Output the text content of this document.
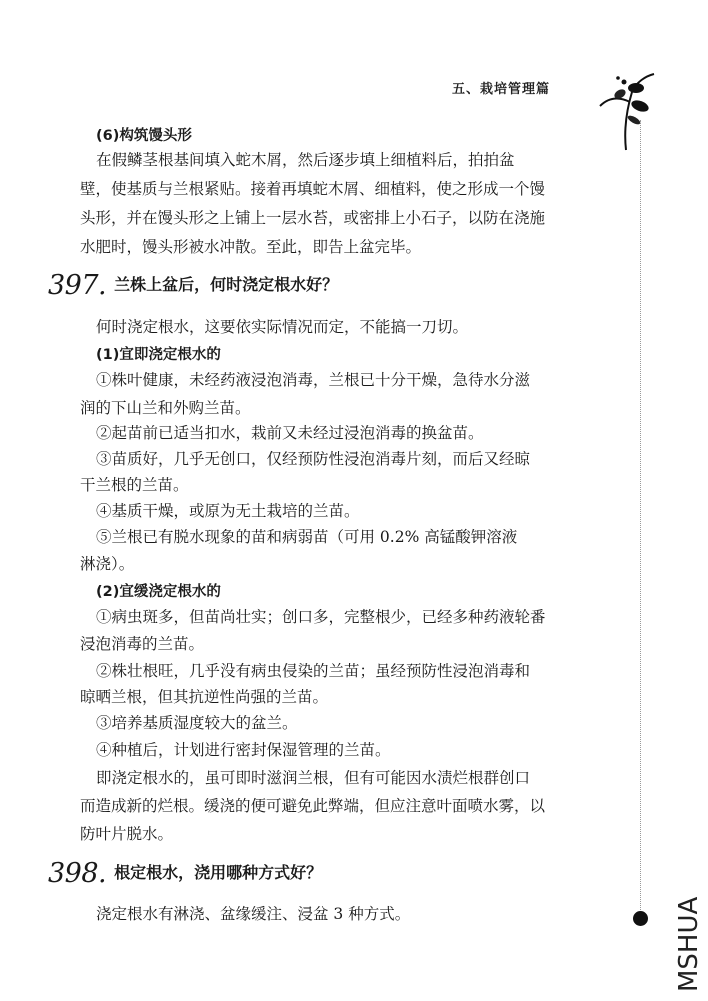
五、栽培管理篇
MSHUA
(6)构筑馒头形
在假鳞茎根基间填入蛇木屑，然后逐步填上细植料后，拍拍盆
壁，使基质与兰根紧贴。接着再填蛇木屑、细植料，使之形成一个馒
头形，并在馒头形之上铺上一层水苔，或密排上小石子，以防在浇施
水肥时，馒头形被水冲散。至此，即告上盆完毕。
397. 兰株上盆后，何时浇定根水好？
何时浇定根水，这要依实际情况而定，不能搞一刀切。
(1)宜即浇定根水的
①株叶健康，未经药液浸泡消毒，兰根已十分干燥，急待水分滋
润的下山兰和外购兰苗。
②起苗前已适当扣水，栽前又未经过浸泡消毒的换盆苗。
③苗质好，几乎无创口，仅经预防性浸泡消毒片刻，而后又经晾
干兰根的兰苗。
④基质干燥，或原为无土栽培的兰苗。
⑤兰根已有脱水现象的苗和病弱苗（可用 0.2% 高锰酸钾溶液
淋浇）。
(2)宜缓浇定根水的
①病虫斑多，但苗尚壮实；创口多，完整根少，已经多种药液轮番
浸泡消毒的兰苗。
②株壮根旺，几乎没有病虫侵染的兰苗；虽经预防性浸泡消毒和
晾晒兰根，但其抗逆性尚强的兰苗。
③培养基质湿度较大的盆兰。
④种植后，计划进行密封保湿管理的兰苗。
即浇定根水的，虽可即时滋润兰根，但有可能因水渍烂根群创口
而造成新的烂根。缓浇的便可避免此弊端，但应注意叶面喷水雾，以
防叶片脱水。
398. 根定根水，浇用哪种方式好？
浇定根水有淋浇、盆缘缓注、浸盆 3 种方式。
